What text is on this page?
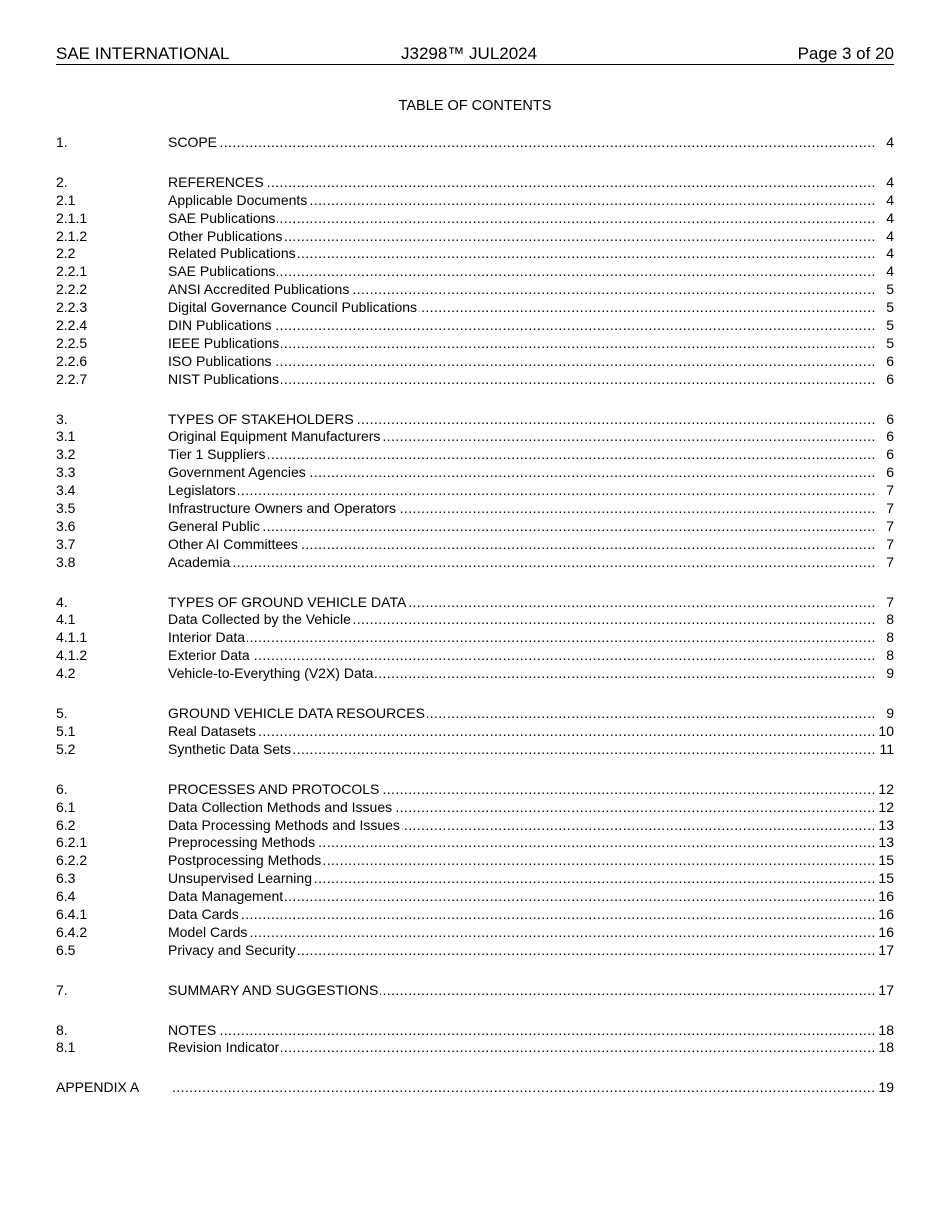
SAE INTERNATIONAL	J3298™ JUL2024	Page 3 of 20
TABLE OF CONTENTS
1. .....	SCOPE	4
2. .....	REFERENCES	4
2.1 .....	Applicable Documents	4
2.1.1 .....	SAE Publications	4
2.1.2 .....	Other Publications	4
2.2 .....	Related Publications	4
2.2.1 .....	SAE Publications	4
2.2.2 .....	ANSI Accredited Publications	5
2.2.3 .....	Digital Governance Council Publications	5
2.2.4 .....	DIN Publications	5
2.2.5 .....	IEEE Publications	5
2.2.6 .....	ISO Publications	6
2.2.7 .....	NIST Publications	6
3. .....	TYPES OF STAKEHOLDERS	6
3.1 .....	Original Equipment Manufacturers	6
3.2 .....	Tier 1 Suppliers	6
3.3 .....	Government Agencies	6
3.4 .....	Legislators	7
3.5 .....	Infrastructure Owners and Operators	7
3.6 .....	General Public	7
3.7 .....	Other AI Committees	7
3.8 .....	Academia	7
4. .....	TYPES OF GROUND VEHICLE DATA	7
4.1 .....	Data Collected by the Vehicle	8
4.1.1 .....	Interior Data	8
4.1.2 .....	Exterior Data	8
4.2 .....	Vehicle-to-Everything (V2X) Data	9
5. .....	GROUND VEHICLE DATA RESOURCES	9
5.1 .....	Real Datasets	10
5.2 .....	Synthetic Data Sets	11
6. .....	PROCESSES AND PROTOCOLS	12
6.1 .....	Data Collection Methods and Issues	12
6.2 .....	Data Processing Methods and Issues	13
6.2.1 .....	Preprocessing Methods	13
6.2.2 .....	Postprocessing Methods	15
6.3 .....	Unsupervised Learning	15
6.4 .....	Data Management	16
6.4.1 .....	Data Cards	16
6.4.2 .....	Model Cards	16
6.5 .....	Privacy and Security	17
7. .....	SUMMARY AND SUGGESTIONS	17
8. .....	NOTES	18
8.1 .....	Revision Indicator	18
APPENDIX A .....	19
